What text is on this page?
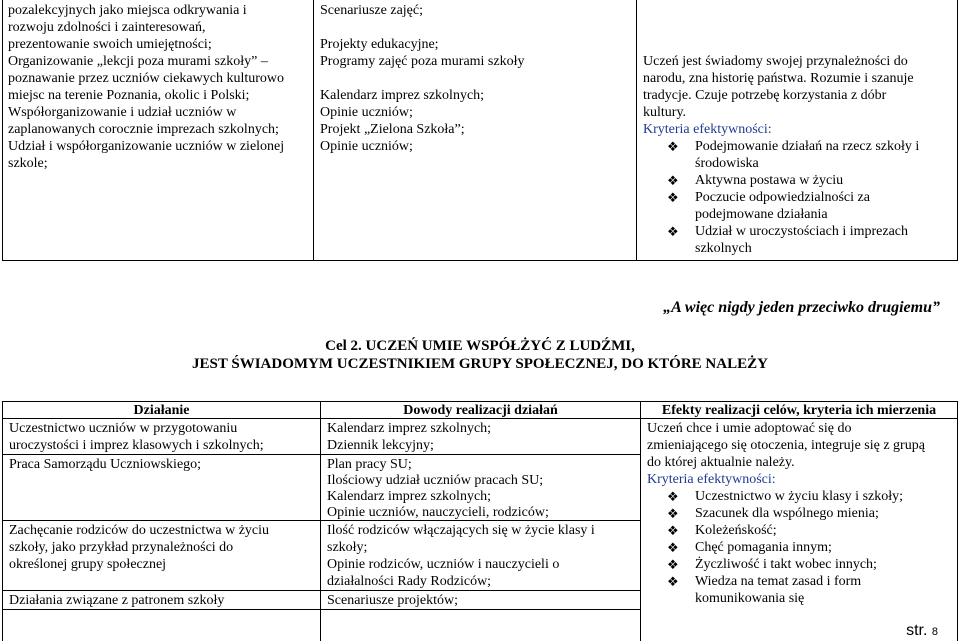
pozalekcyjnych jako miejsca odkrywania i
rozwoju zdolności i zainteresowań,
prezentowanie swoich umiejętności;
Organizowanie „lekcji poza murami szkoły” –
poznawanie przez uczniów ciekawych kulturowo
miejsc na terenie Poznania, okolic i Polski;
Współorganizowanie i udział uczniów w
zaplanowanych corocznie imprezach szkolnych;
Udział i współorganizowanie uczniów w zielonej
szkole;
Scenariusze zajęć;
Projekty edukacyjne;
Programy zajęć poza murami szkoły
Kalendarz imprez szkolnych;
Opinie uczniów;
Projekt „Zielona Szkoła”;
Opinie uczniów;
Uczeń jest świadomy swojej przynależności do
narodu, zna historię państwa. Rozumie i szanuje
tradycje. Czuje potrzebę korzystania z dóbr
kultury.
Kryteria efektywności:
❖ Podejmowanie działań na rzecz szkoły i
środowiska
❖ Aktywna postawa w życiu
❖ Poczucie odpowiedzialności za
podejmowane działania
❖ Udział w uroczystościach i imprezach
szkolnych
„A więc nigdy jeden przeciwko drugiemu”
Cel 2. UCZEŃ UMIE WSPÓŁŻYĆ Z LUDŹMI,
JEST ŚWIADOMYM UCZESTNIKIEM GRUPY SPOŁECZNEJ, DO KTÓRE NALEŻY
Działanie	Dowody realizacji działań	Efekty realizacji celów, kryteria ich mierzenia
Uczestnictwo uczniów w przygotowaniu
uroczystości i imprez klasowych i szkolnych;
Praca Samorządu Uczniowskiego;
Zachęcanie rodziców do uczestnictwa w życiu
szkoły, jako przykład przynależności do
określonej grupy społecznej
Działania związane z patronem szkoły
Kalendarz imprez szkolnych;
Dziennik lekcyjny;
Plan pracy SU;
Ilościowy udział uczniów pracach SU;
Kalendarz imprez szkolnych;
Opinie uczniów, nauczycieli, rodziców;
Ilość rodziców włączających się w życie klasy i
szkoły;
Opinie rodziców, uczniów i nauczycieli o
działalności Rady Rodziców;
Scenariusze projektów;
Uczeń chce i umie adoptować się do
zmieniającego się otoczenia, integruje się z grupą
do której aktualnie należy.
Kryteria efektywności:
❖ Uczestnictwo w życiu klasy i szkoły;
❖ Szacunek dla wspólnego mienia;
❖ Koleżeńskość;
❖ Chęć pomagania innym;
❖ Życzliwość i takt wobec innych;
❖ Wiedza na temat zasad i form
komunikowania się
str. 8
